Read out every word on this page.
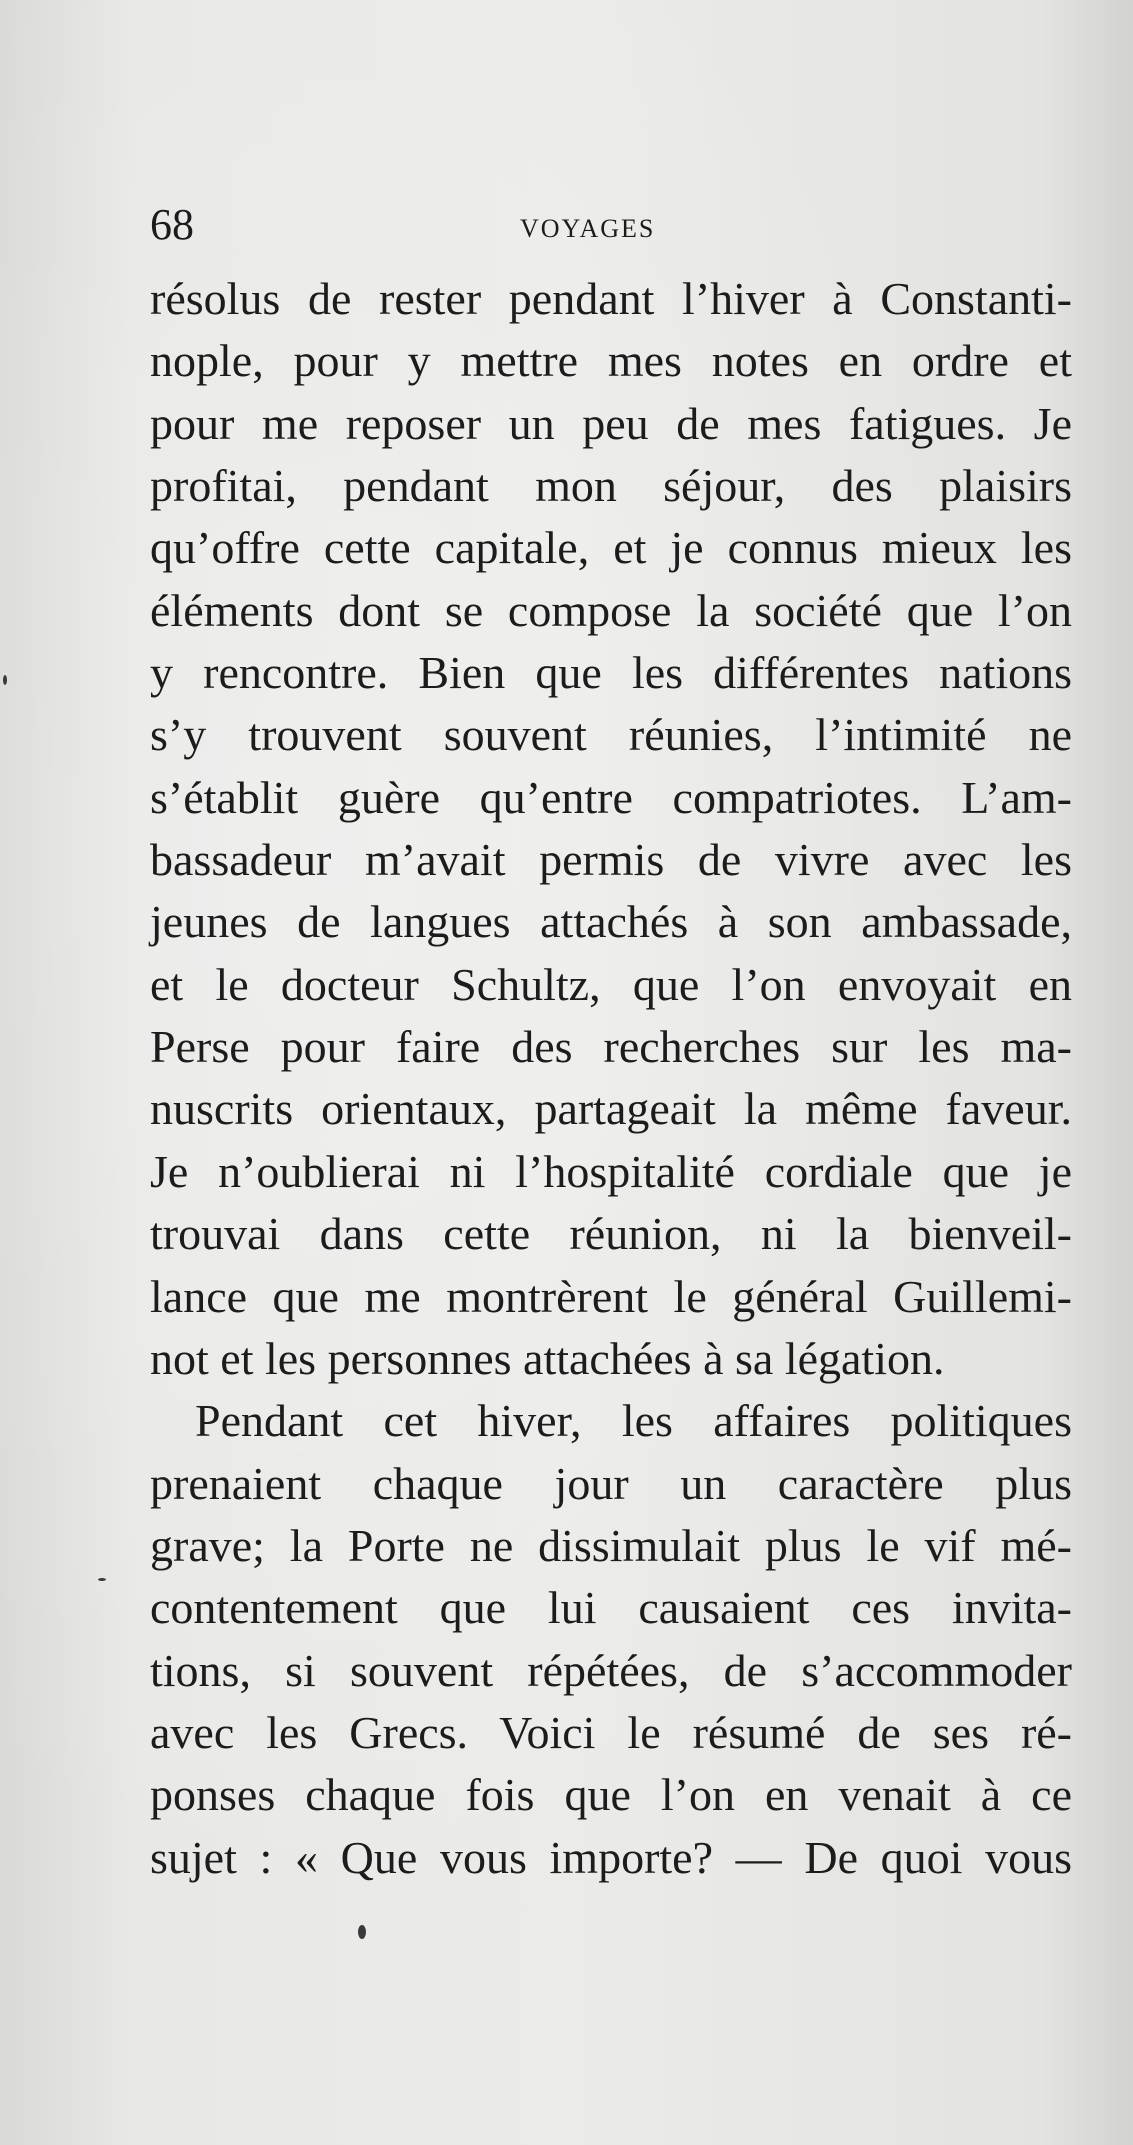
68	VOYAGES
résolus de rester pendant l’hiver à Constanti-
nople, pour y mettre mes notes en ordre et
pour me reposer un peu de mes fatigues. Je
profitai, pendant mon séjour, des plaisirs
qu’offre cette capitale, et je connus mieux les
éléments dont se compose la société que l’on
y rencontre. Bien que les différentes nations
s’y trouvent souvent réunies, l’intimité ne
s’établit guère qu’entre compatriotes. L’am-
bassadeur m’avait permis de vivre avec les
jeunes de langues attachés à son ambassade,
et le docteur Schultz, que l’on envoyait en
Perse pour faire des recherches sur les ma-
nuscrits orientaux, partageait la même faveur.
Je n’oublierai ni l’hospitalité cordiale que je
trouvai dans cette réunion, ni la bienveil-
lance que me montrèrent le général Guillemi-
not et les personnes attachées à sa légation.
Pendant cet hiver, les affaires politiques
prenaient chaque jour un caractère plus
grave; la Porte ne dissimulait plus le vif mé-
contentement que lui causaient ces invita-
tions, si souvent répétées, de s’accommoder
avec les Grecs. Voici le résumé de ses ré-
ponses chaque fois que l’on en venait à ce
sujet : « Que vous importe? — De quoi vous
